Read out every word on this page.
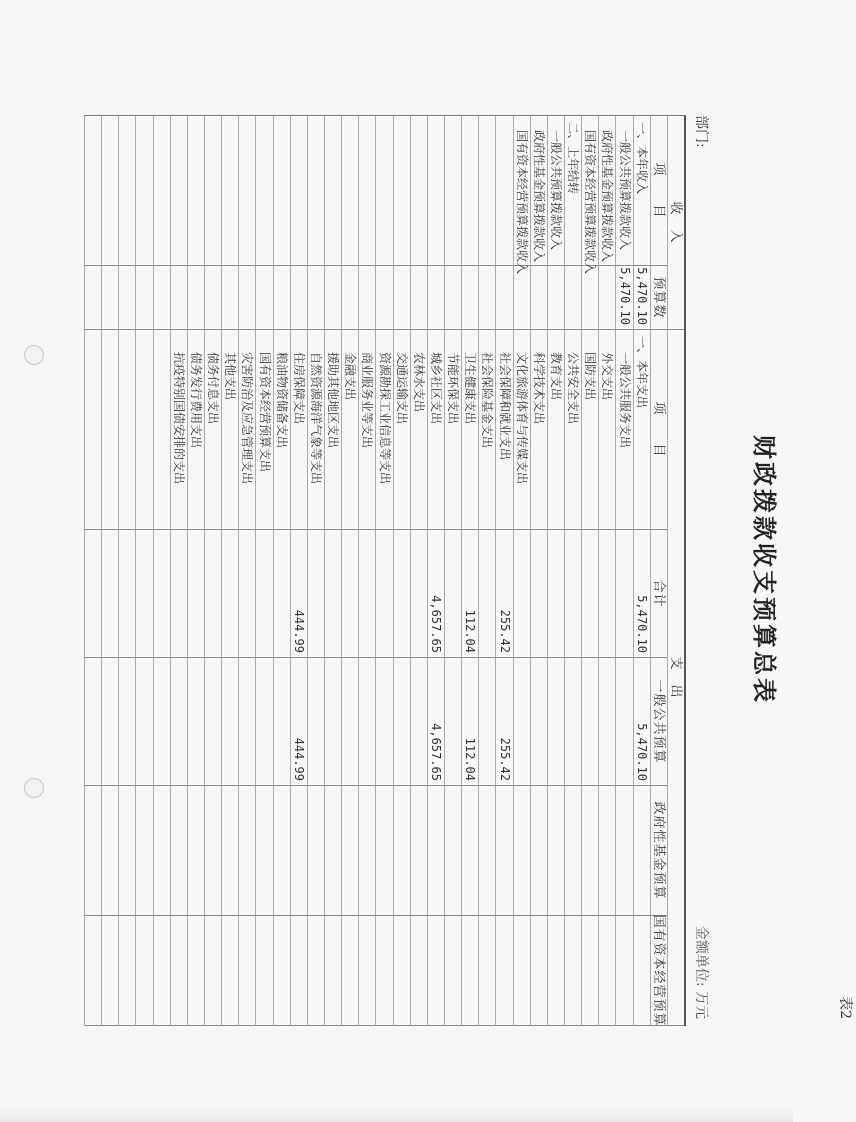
表2
财政拨款收支预算总表
部门:
金额单位: 万元
收　入
支　出
项　　目
预算数
项　　目
合计
一般公共预算
政府性基金预算
国有资本经营预算
一、本年收入
5,470.10
一、本年支出
5,470.10
5,470.10
一般公共预算拨款收入
5,470.10
一般公共服务支出
政府性基金预算拨款收入
外交支出
国有资本经营预算拨款收入
国防支出
二、上年结转
公共安全支出
一般公共预算拨款收入
教育支出
政府性基金预算拨款收入
科学技术支出
国有资本经营预算拨款收入
文化旅游体育与传媒支出
社会保障和就业支出
255.42
255.42
社会保险基金支出
卫生健康支出
112.04
112.04
节能环保支出
城乡社区支出
4,657.65
4,657.65
农林水支出
交通运输支出
资源勘探工业信息等支出
商业服务业等支出
金融支出
援助其他地区支出
自然资源海洋气象等支出
住房保障支出
444.99
444.99
粮油物资储备支出
国有资本经营预算支出
灾害防治及应急管理支出
其他支出
债务付息支出
债务发行费用支出
抗疫特别国债安排的支出
